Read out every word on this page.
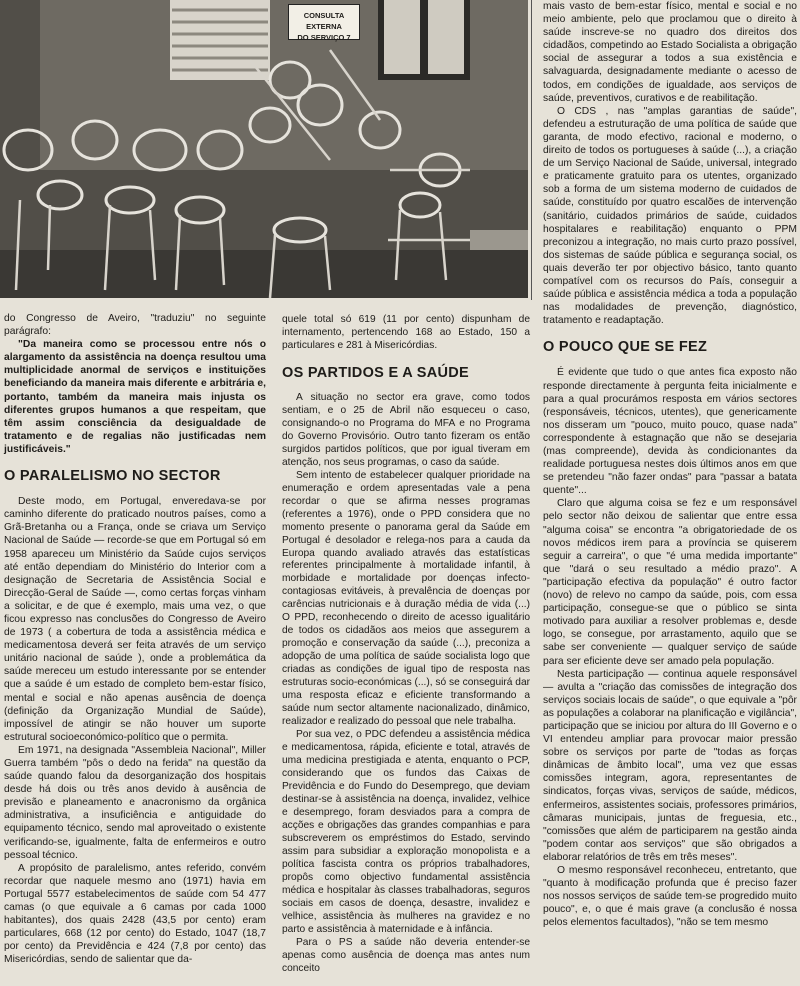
CONSULTA EXTERNA
DO SERVIÇO 7

do Congresso de Aveiro, "traduziu" no seguinte parágrafo:

"Da maneira como se processou entre nós o alargamento da assistência na doença resultou uma multiplicidade anormal de serviços e instituições beneficiando da maneira mais diferente e arbitrária e, portanto, também da maneira mais injusta os diferentes grupos humanos a que respeitam, que têm assim consciência da desigualdade de tratamento e de regalias não justificadas nem justificáveis."

O PARALELISMO NO SECTOR

Deste modo, em Portugal, enveredava-se por caminho diferente do praticado noutros países, como a Grã-Bretanha ou a França, onde se criava um Serviço Nacional de Saúde — recorde-se que em Portugal só em 1958 apareceu um Ministério da Saúde cujos serviços até então dependiam do Ministério do Interior com a designação de Secretaria de Assistência Social e Direcção-Geral de Saúde —, como certas forças vinham a solicitar, e de que é exemplo, mais uma vez, o que ficou expresso nas conclusões do Congresso de Aveiro de 1973 ( a cobertura de toda a assistência médica e medicamentosa deverá ser feita através de um serviço unitário nacional de saúde ), onde a problemática da saúde mereceu um estudo interessante por se entender que a saúde é um estado de completo bem-estar físico, mental e social e não apenas ausência de doença (definição da Organização Mundial de Saúde), impossível de atingir se não houver um suporte estrutural socioeconómico-político que o permita.

Em 1971, na designada "Assembleia Nacional", Miller Guerra também "pôs o dedo na ferida" na questão da saúde quando falou da desorganização dos hospitais desde há dois ou três anos devido à ausência de previsão e planeamento e anacronismo da orgânica administrativa, a insuficiência e antiguidade do equipamento técnico, sendo mal aproveitado o existente verificando-se, igualmente, falta de enfermeiros e outro pessoal técnico.

A propósito de paralelismo, antes referido, convém recordar que naquele mesmo ano (1971) havia em Portugal 5577 estabelecimentos de saúde com 54 477 camas (o que equivale a 6 camas por cada 1000 habitantes), dos quais 2428 (43,5 por cento) eram particulares, 668 (12 por cento) do Estado, 1047 (18,7 por cento) da Previdência e 424 (7,8 por cento) das Misericórdias, sendo de salientar que da-

quele total só 619 (11 por cento) dispunham de internamento, pertencendo 168 ao Estado, 150 a particulares e 281 à Misericórdias.

OS PARTIDOS E A SAÚDE

A situação no sector era grave, como todos sentiam, e o 25 de Abril não esqueceu o caso, consignando-o no Programa do MFA e no Programa do Governo Provisório. Outro tanto fizeram os então surgidos partidos políticos, que por igual tiveram em atenção, nos seus programas, o caso da saúde.

Sem intento de estabelecer qualquer prioridade na enumeração e ordem apresentadas vale a pena recordar o que se afirma nesses programas (referentes a 1976), onde o PPD considera que no momento presente o panorama geral da Saúde em Portugal é desolador e relega-nos para a cauda da Europa quando avaliado através das estatísticas referentes principalmente à mortalidade infantil, à morbidade e mortalidade por doenças infecto-contagiosas evitáveis, à prevalência de doenças por carências nutricionais e à duração média de vida (...) O PPD, reconhecendo o direito de acesso igualitário de todos os cidadãos aos meios que assegurem a promoção e conservação da saúde (...), preconiza a adopção de uma política de saúde socialista logo que criadas as condições de igual tipo de resposta nas estruturas socio-económicas (...), só se conseguirá dar uma resposta eficaz e eficiente transformando a saúde num sector altamente nacionalizado, dinâmico, realizador e realizado do pessoal que nele trabalha.

Por sua vez, o PDC defendeu a assistência médica e medicamentosa, rápida, eficiente e total, através de uma medicina prestigiada e atenta, enquanto o PCP, considerando que os fundos das Caixas de Previdência e do Fundo do Desemprego, que deviam destinar-se à assistência na doença, invalidez, velhice e desemprego, foram desviados para a compra de acções e obrigações das grandes companhias e para subscreverem os empréstimos do Estado, servindo assim para subsidiar a exploração monopolista e a política fascista contra os próprios trabalhadores, propôs como objectivo fundamental assistência médica e hospitalar às classes trabalhadoras, seguros sociais em casos de doença, desastre, invalidez e velhice, assistência às mulheres na gravidez e no parto e assistência à maternidade e à infância.

Para o PS a saúde não deveria entender-se apenas como ausência de doença mas antes num conceito

mais vasto de bem-estar físico, mental e social e no meio ambiente, pelo que proclamou que o direito à saúde inscreve-se no quadro dos direitos dos cidadãos, competindo ao Estado Socialista a obrigação social de assegurar a todos a sua existência e salvaguarda, designadamente mediante o acesso de todos, em condições de igualdade, aos serviços de saúde, preventivos, curativos e de reabilitação.

O CDS , nas "amplas garantias de saúde", defendeu a estruturação de uma política de saúde que garanta, de modo efectivo, racional e moderno, o direito de todos os portugueses à saúde (...), a criação de um Serviço Nacional de Saúde, universal, integrado e praticamente gratuito para os utentes, organizado sob a forma de um sistema moderno de cuidados de saúde, constituído por quatro escalões de intervenção (sanitário, cuidados primários de saúde, cuidados hospitalares e reabilitação) enquanto o PPM preconizou a integração, no mais curto prazo possível, dos sistemas de saúde pública e segurança social, os quais deverão ter por objectivo básico, tanto quanto compatível com os recursos do País, conseguir a saúde pública e assistência médica a toda a população nas modalidades de prevenção, diagnóstico, tratamento e readaptação.

O POUCO QUE SE FEZ

É evidente que tudo o que antes fica exposto não responde directamente à pergunta feita inicialmente e para a qual procurámos resposta em vários sectores (responsáveis, técnicos, utentes), que genericamente nos disseram um "pouco, muito pouco, quase nada" correspondente à estagnação que não se desejaria (mas compreende), devida às condicionantes da realidade portuguesa nestes dois últimos anos em que se pretendeu "não fazer ondas" para "passar a batata quente"...

Claro que alguma coisa se fez e um responsável pelo sector não deixou de salientar que entre essa "alguma coisa" se encontra "a obrigatoriedade de os novos médicos irem para a província se quiserem seguir a carreira", o que "é uma medida importante" que "dará o seu resultado a médio prazo". A "participação efectiva da população" é outro factor (novo) de relevo no campo da saúde, pois, com essa participação, consegue-se que o público se sinta motivado para auxiliar a resolver problemas e, desde logo, se consegue, por arrastamento, aquilo que se sabe ser conveniente — qualquer serviço de saúde para ser eficiente deve ser amado pela população.

Nesta participação — continua aquele responsável — avulta a "criação das comissões de integração dos serviços sociais locais de saúde", o que equivale a "pôr as populações a colaborar na planificação e vigilância", participação que se iniciou por altura do III Governo e o VI entendeu ampliar para provocar maior pressão sobre os serviços por parte de "todas as forças dinâmicas de âmbito local", uma vez que essas comissões integram, agora, representantes de sindicatos, forças vivas, serviços de saúde, médicos, enfermeiros, assistentes sociais, professores primários, câmaras municipais, juntas de freguesia, etc., "comissões que além de participarem na gestão ainda "podem contar aos serviços" que são obrigados a elaborar relatórios de três em três meses".

O mesmo responsável reconheceu, entretanto, que "quanto à modificação profunda que é preciso fazer nos nossos serviços de saúde tem-se progredido muito pouco", e, o que é mais grave (a conclusão é nossa pelos elementos facultados), "não se tem mesmo
